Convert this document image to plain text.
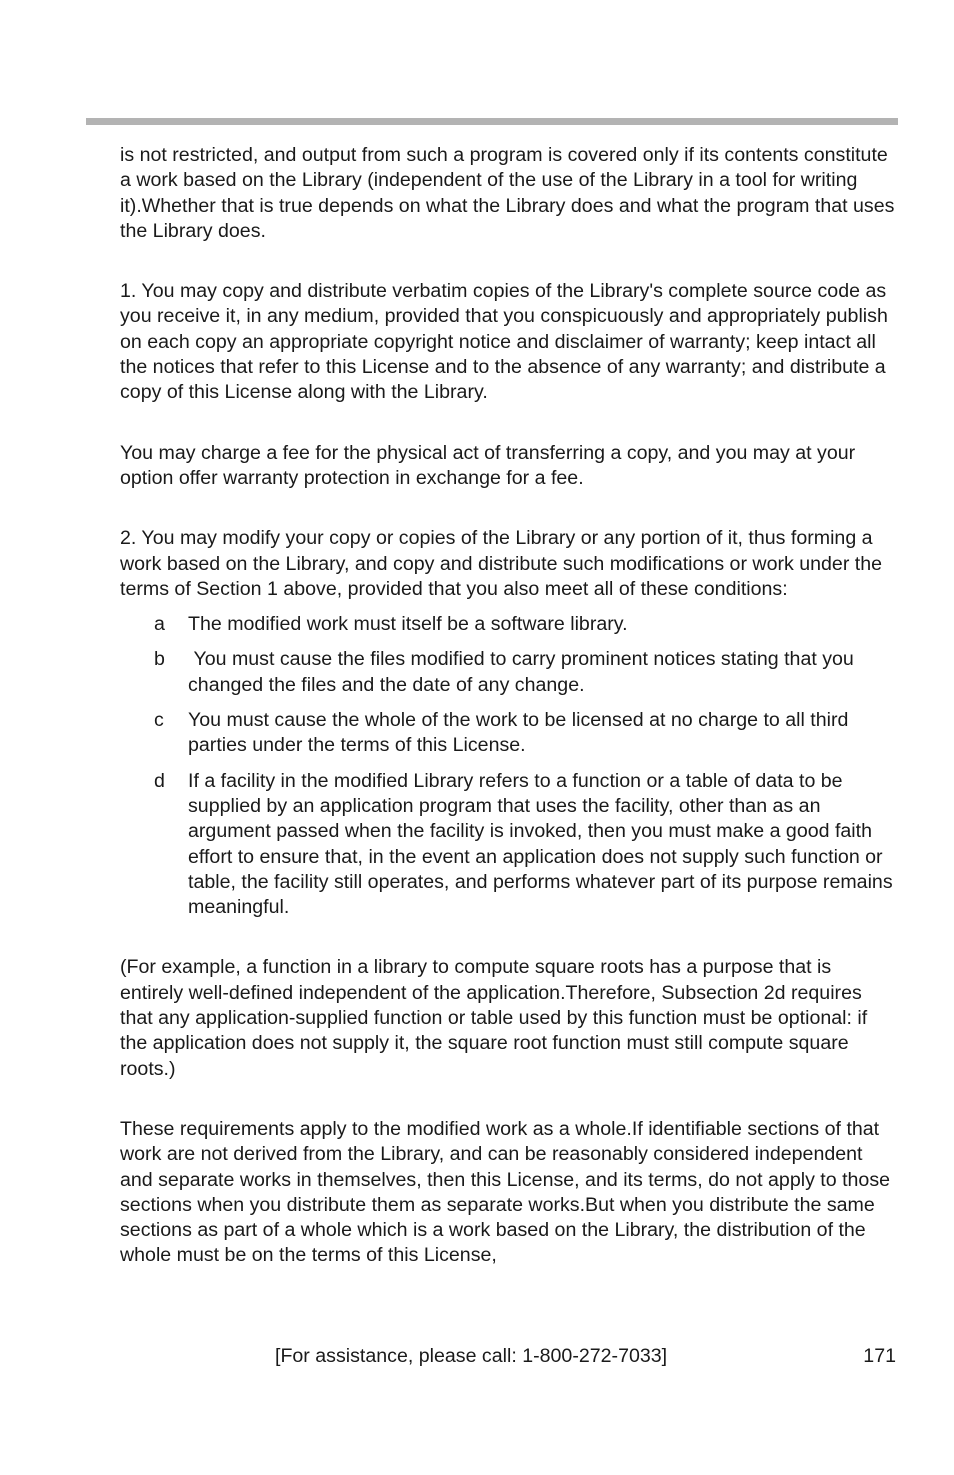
is not restricted, and output from such a program is covered only if its contents constitute a work based on the Library (independent of the use of the Library in a tool for writing it).Whether that is true depends on what the Library does and what the program that uses the Library does.

1. You may copy and distribute verbatim copies of the Library's complete source code as you receive it, in any medium, provided that you conspicuously and appropriately publish on each copy an appropriate copyright notice and disclaimer of warranty; keep intact all the notices that refer to this License and to the absence of any warranty; and distribute a copy of this License along with the Library.

You may charge a fee for the physical act of transferring a copy, and you may at your option offer warranty protection in exchange for a fee.

2. You may modify your copy or copies of the Library or any portion of it, thus forming a work based on the Library, and copy and distribute such modifications or work under the terms of Section 1 above, provided that you also meet all of these conditions:

a	The modified work must itself be a software library.
b	You must cause the files modified to carry prominent notices stating that you changed the files and the date of any change.
c	You must cause the whole of the work to be licensed at no charge to all third parties under the terms of this License.
d	If a facility in the modified Library refers to a function or a table of data to be supplied by an application program that uses the facility, other than as an argument passed when the facility is invoked, then you must make a good faith effort to ensure that, in the event an application does not supply such function or table, the facility still operates, and performs whatever part of its purpose remains meaningful.

(For example, a function in a library to compute square roots has a purpose that is entirely well-defined independent of the application.Therefore, Subsection 2d requires that any application-supplied function or table used by this function must be optional: if the application does not supply it, the square root function must still compute square roots.)

These requirements apply to the modified work as a whole.If identifiable sections of that work are not derived from the Library, and can be reasonably considered independent and separate works in themselves, then this License, and its terms, do not apply to those sections when you distribute them as separate works.But when you distribute the same sections as part of a whole which is a work based on the Library, the distribution of the whole must be on the terms of this License,

[For assistance, please call: 1-800-272-7033]	171
